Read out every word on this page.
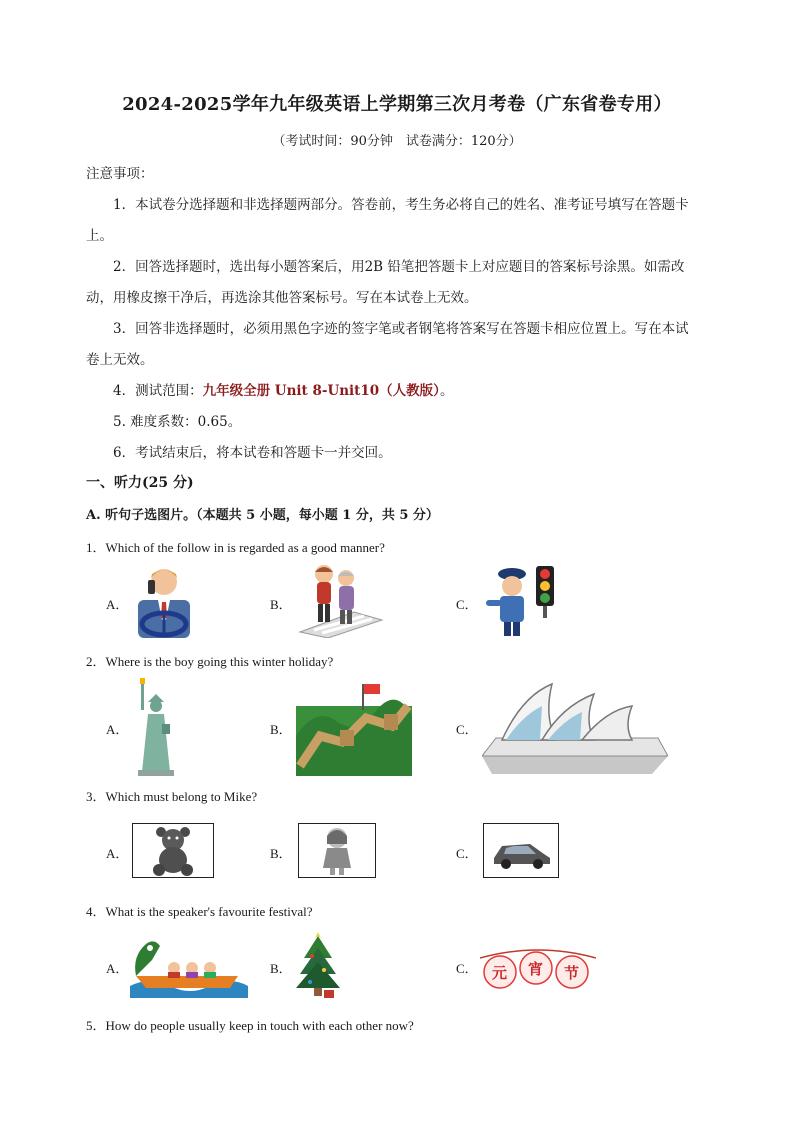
2024-2025学年九年级英语上学期第三次月考卷（广东省卷专用）
（考试时间：90分钟　试卷满分：120分）
注意事项：
1．本试卷分选择题和非选择题两部分。答卷前，考生务必将自己的姓名、准考证号填写在答题卡
上。
2．回答选择题时，选出每小题答案后，用2B 铅笔把答题卡上对应题目的答案标号涂黑。如需改
动，用橡皮擦干净后，再选涂其他答案标号。写在本试卷上无效。
3．回答非选择题时，必须用黑色字迹的签字笔或者钢笔将答案写在答题卡相应位置上。写在本试
卷上无效。
4．测试范围：九年级全册 Unit 8-Unit10（人教版）。
5. 难度系数：0.65。
6．考试结束后，将本试卷和答题卡一并交回。
一、听力(25 分)
A. 听句子选图片。（本题共 5 小题，每小题 1 分，共 5 分）
1．Which of the follow in is regarded as a good manner?
A．	B．	C．
2．Where is the boy going this winter holiday?
A．	B．	C．
3．Which must belong to Mike?
A．	B．	C．
4．What is the speaker's favourite festival?
A．	B．	C． 元 宵 节
5．How do people usually keep in touch with each other now?
